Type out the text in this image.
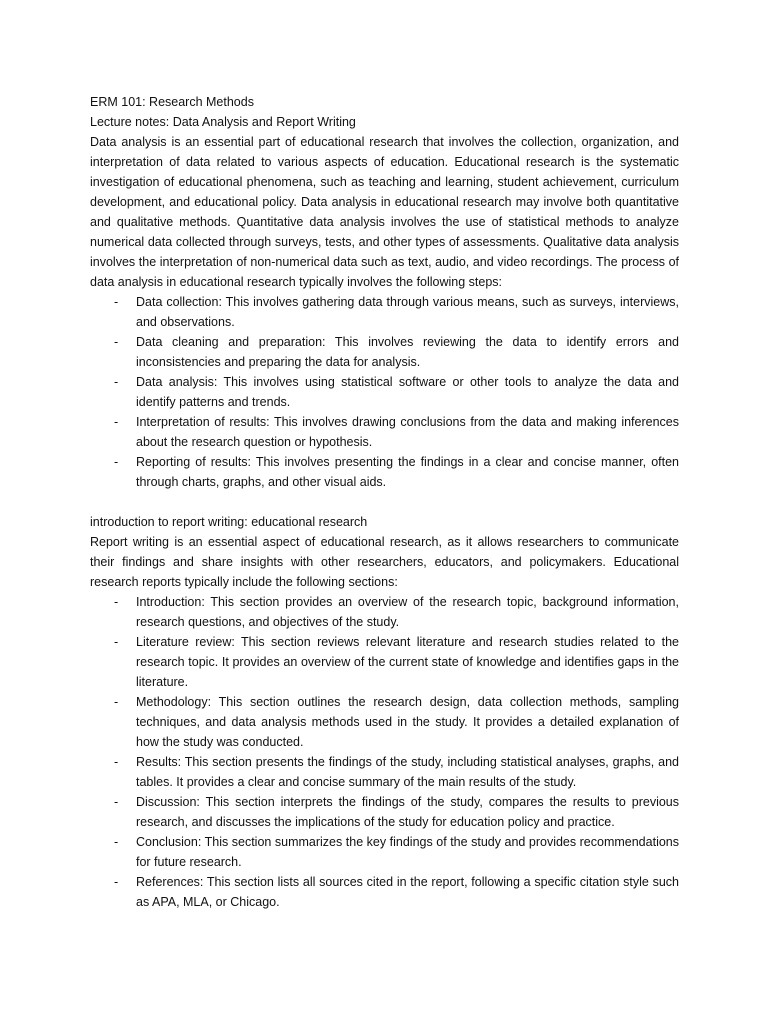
ERM 101: Research Methods

Lecture notes: Data Analysis and Report Writing

Data analysis is an essential part of educational research that involves the collection, organization, and interpretation of data related to various aspects of education. Educational research is the systematic investigation of educational phenomena, such as teaching and learning, student achievement, curriculum development, and educational policy. Data analysis in educational research may involve both quantitative and qualitative methods. Quantitative data analysis involves the use of statistical methods to analyze numerical data collected through surveys, tests, and other types of assessments. Qualitative data analysis involves the interpretation of non-numerical data such as text, audio, and video recordings. The process of data analysis in educational research typically involves the following steps:

- Data collection: This involves gathering data through various means, such as surveys, interviews, and observations.
- Data cleaning and preparation: This involves reviewing the data to identify errors and inconsistencies and preparing the data for analysis.
- Data analysis: This involves using statistical software or other tools to analyze the data and identify patterns and trends.
- Interpretation of results: This involves drawing conclusions from the data and making inferences about the research question or hypothesis.
- Reporting of results: This involves presenting the findings in a clear and concise manner, often through charts, graphs, and other visual aids.

introduction to report writing: educational research

Report writing is an essential aspect of educational research, as it allows researchers to communicate their findings and share insights with other researchers, educators, and policymakers. Educational research reports typically include the following sections:

- Introduction: This section provides an overview of the research topic, background information, research questions, and objectives of the study.
- Literature review: This section reviews relevant literature and research studies related to the research topic. It provides an overview of the current state of knowledge and identifies gaps in the literature.
- Methodology: This section outlines the research design, data collection methods, sampling techniques, and data analysis methods used in the study. It provides a detailed explanation of how the study was conducted.
- Results: This section presents the findings of the study, including statistical analyses, graphs, and tables. It provides a clear and concise summary of the main results of the study.
- Discussion: This section interprets the findings of the study, compares the results to previous research, and discusses the implications of the study for education policy and practice.
- Conclusion: This section summarizes the key findings of the study and provides recommendations for future research.
- References: This section lists all sources cited in the report, following a specific citation style such as APA, MLA, or Chicago.
